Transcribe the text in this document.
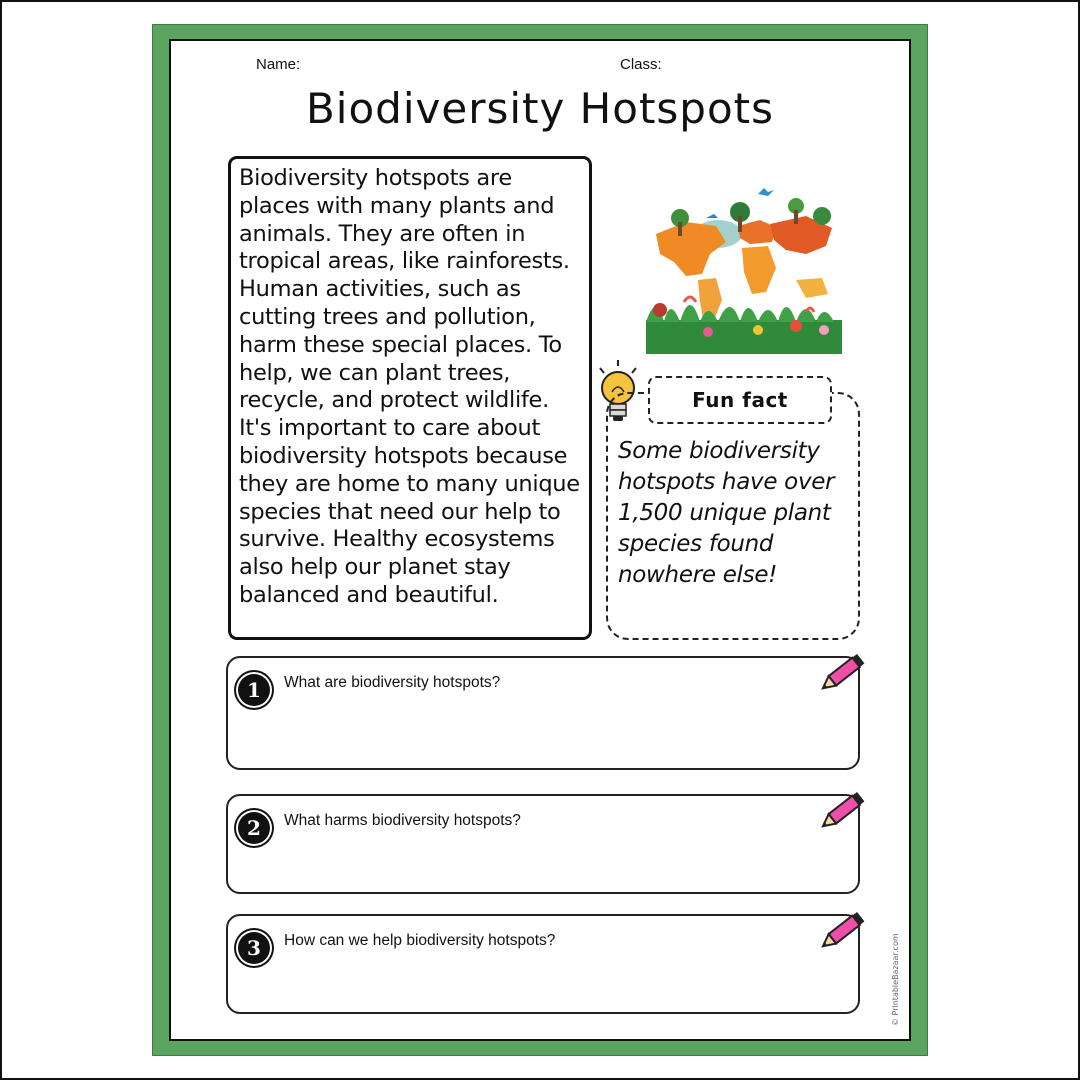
Name:	Class:
Biodiversity Hotspots

Biodiversity hotspots are places with many plants and animals. They are often in tropical areas, like rainforests. Human activities, such as cutting trees and pollution, harm these special places. To help, we can plant trees, recycle, and protect wildlife. It's important to care about biodiversity hotspots because they are home to many unique species that need our help to survive. Healthy ecosystems also help our planet stay balanced and beautiful.

Fun fact

Some biodiversity hotspots have over 1,500 unique plant species found nowhere else!

1	What are biodiversity hotspots?
2	What harms biodiversity hotspots?
3	How can we help biodiversity hotspots?	© PrintableBazaar.com
